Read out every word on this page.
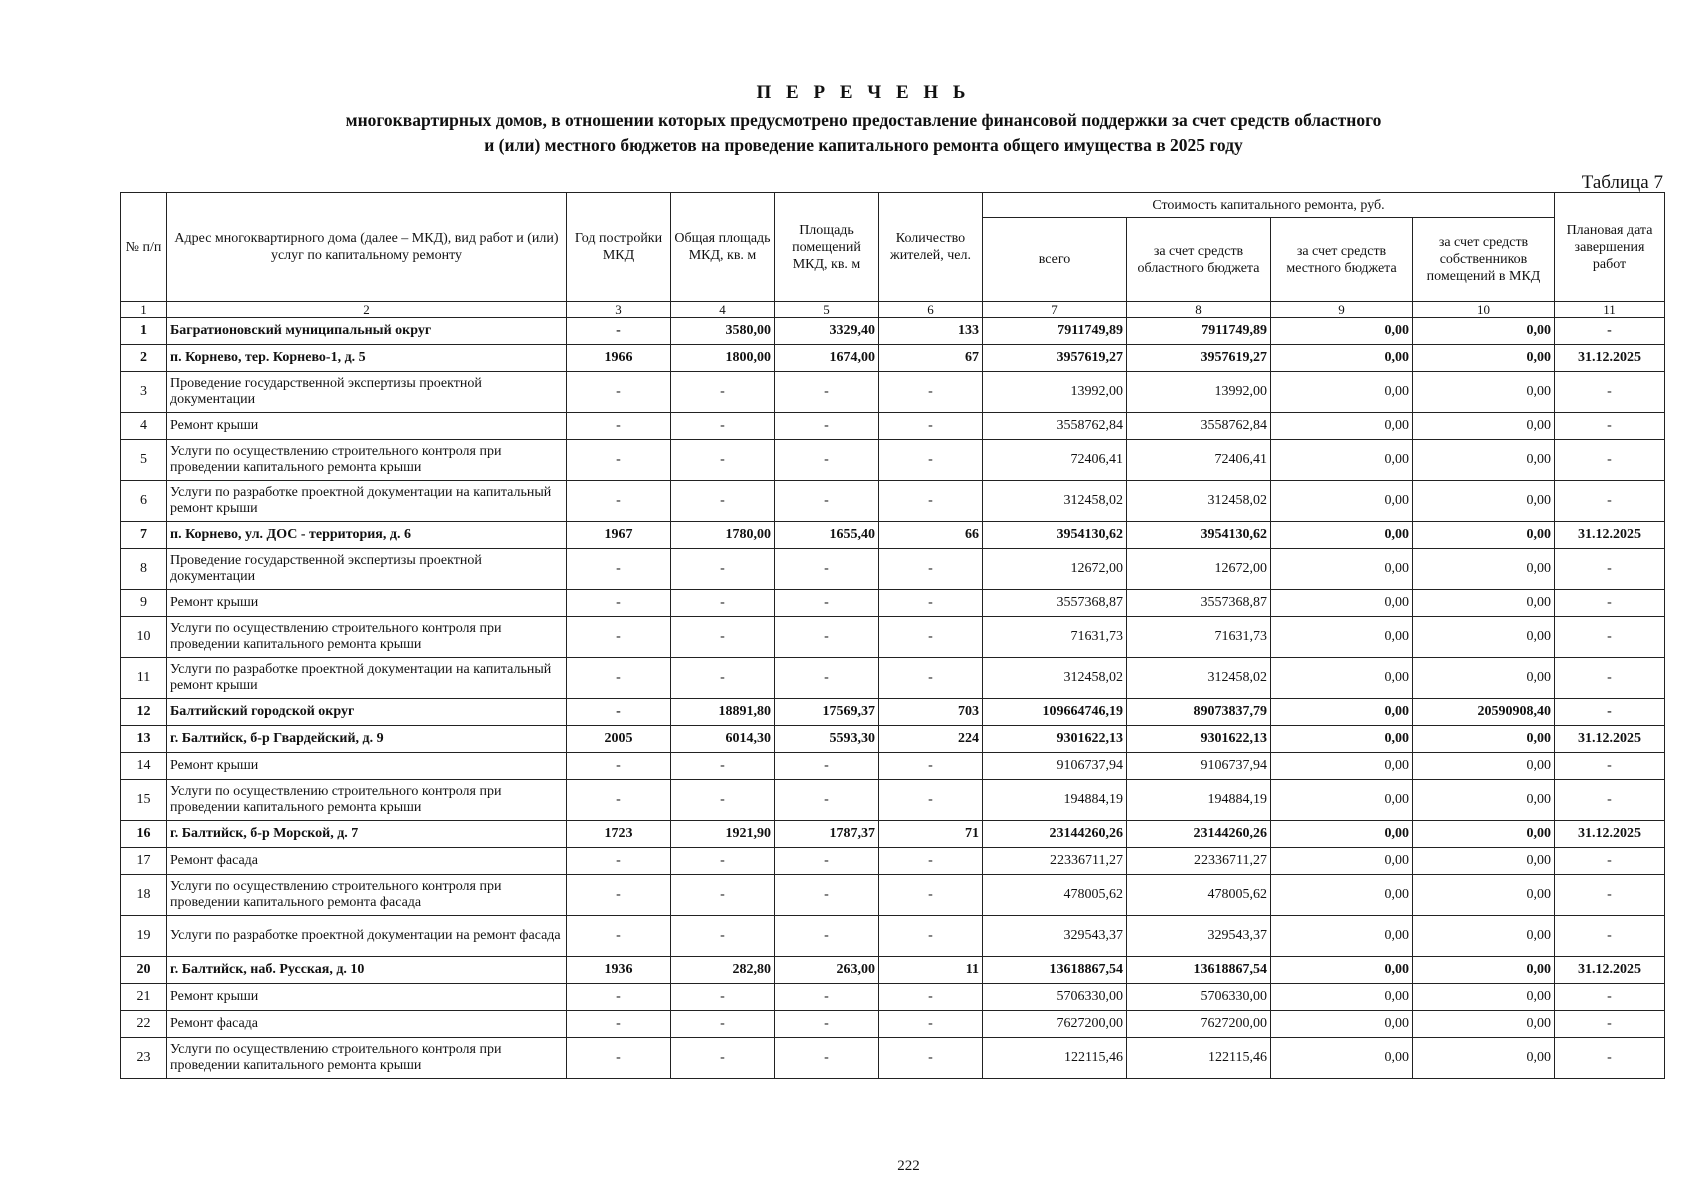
П Е Р Е Ч Е Н Ь

многоквартирных домов, в отношении которых предусмотрено предоставление финансовой поддержки за счет средств областного
и (или) местного бюджетов на проведение капитального ремонта общего имущества в 2025 году

Таблица 7
№ п/п	Адрес многоквартирного дома (далее – МКД), вид работ и (или) услуг по капитальному ремонту	Год постройки МКД	Общая площадь МКД, кв. м	Площадь помещений МКД, кв. м	Количество жителей, чел.	Стоимость капитального ремонта, руб.				Плановая дата завершения работ
						всего	за счет средств областного бюджета	за счет средств местного бюджета	за счет средств собственников помещений в МКД	
1	2	3	4	5	6	7	8	9	10	11
1	Багратионовский муниципальный округ	-	3580,00	3329,40	133	7911749,89	7911749,89	0,00	0,00	-
2	п. Корнево, тер. Корнево-1, д. 5	1966	1800,00	1674,00	67	3957619,27	3957619,27	0,00	0,00	31.12.2025
3	Проведение государственной экспертизы проектной документации	-	-	-	-	13992,00	13992,00	0,00	0,00	-
4	Ремонт крыши	-	-	-	-	3558762,84	3558762,84	0,00	0,00	-
5	Услуги по осуществлению строительного контроля при проведении капитального ремонта крыши	-	-	-	-	72406,41	72406,41	0,00	0,00	-
6	Услуги по разработке проектной документации на капитальный ремонт крыши	-	-	-	-	312458,02	312458,02	0,00	0,00	-
7	п. Корнево, ул. ДОС - территория, д. 6	1967	1780,00	1655,40	66	3954130,62	3954130,62	0,00	0,00	31.12.2025
8	Проведение государственной экспертизы проектной документации	-	-	-	-	12672,00	12672,00	0,00	0,00	-
9	Ремонт крыши	-	-	-	-	3557368,87	3557368,87	0,00	0,00	-
10	Услуги по осуществлению строительного контроля при проведении капитального ремонта крыши	-	-	-	-	71631,73	71631,73	0,00	0,00	-
11	Услуги по разработке проектной документации на капитальный ремонт крыши	-	-	-	-	312458,02	312458,02	0,00	0,00	-
12	Балтийский городской округ	-	18891,80	17569,37	703	109664746,19	89073837,79	0,00	20590908,40	-
13	г. Балтийск, б-р Гвардейский, д. 9	2005	6014,30	5593,30	224	9301622,13	9301622,13	0,00	0,00	31.12.2025
14	Ремонт крыши	-	-	-	-	9106737,94	9106737,94	0,00	0,00	-
15	Услуги по осуществлению строительного контроля при проведении капитального ремонта крыши	-	-	-	-	194884,19	194884,19	0,00	0,00	-
16	г. Балтийск, б-р Морской, д. 7	1723	1921,90	1787,37	71	23144260,26	23144260,26	0,00	0,00	31.12.2025
17	Ремонт фасада	-	-	-	-	22336711,27	22336711,27	0,00	0,00	-
18	Услуги по осуществлению строительного контроля при проведении капитального ремонта фасада	-	-	-	-	478005,62	478005,62	0,00	0,00	-
19	Услуги по разработке проектной документации на ремонт фасада	-	-	-	-	329543,37	329543,37	0,00	0,00	-
20	г. Балтийск, наб. Русская, д. 10	1936	282,80	263,00	11	13618867,54	13618867,54	0,00	0,00	31.12.2025
21	Ремонт крыши	-	-	-	-	5706330,00	5706330,00	0,00	0,00	-
22	Ремонт фасада	-	-	-	-	7627200,00	7627200,00	0,00	0,00	-
23	Услуги по осуществлению строительного контроля при проведении капитального ремонта крыши	-	-	-	-	122115,46	122115,46	0,00	0,00	-
222
